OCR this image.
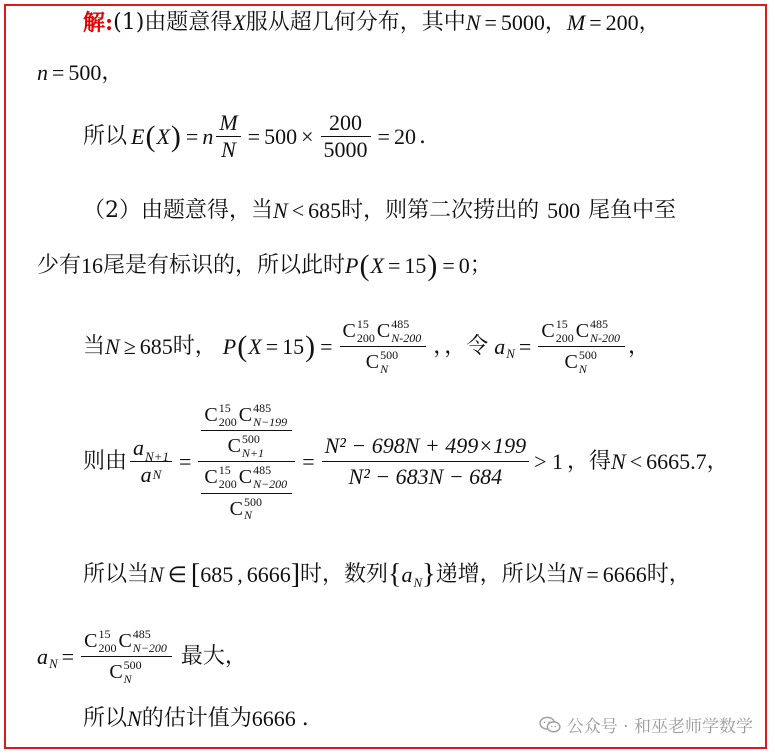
解: (1)由题意得 X 服从超几何分布，其中 N = 5000 ， M = 200 ，
n = 500 ，
所以 E ( X ) = n $\frac{M}{N} = 500 \times \frac{200}{5000} = 20$ .
（2）由题意得，当 N < 685 时，则第二次捞出的 500 尾鱼中至
少有 16 尾是有标识的，所以此时 P ( X = 15 ) = 0 ；
当 N ≥ 685 时， P ( X = 15 ) = C 15
200 C 485
N-200
C 500
N ，，令 a N = C 15
200 C 485
N-200
C 500
N ，
则由 $\frac{\text{a N+1}}{\text{a N}} = C$ 15
200 C 485
N−199
C 500
N+1
C 15
200 C 485
N−200
C 500
$N = \frac{\text{N² − 698N + 499×199}}{\text{N² − 683N − 684}} > 1$ ，得 N < 6665.7 ，
所以当 N ∈ [ 685 , 6666 ] 时，数列 { a N } 递增，所以当 N = 6666 时，
a N = C 15
200 C 485
N−200
C 500
N 最大，
所以 N 的估计值为 6666 .	公众号 · 和巫老师学数学
